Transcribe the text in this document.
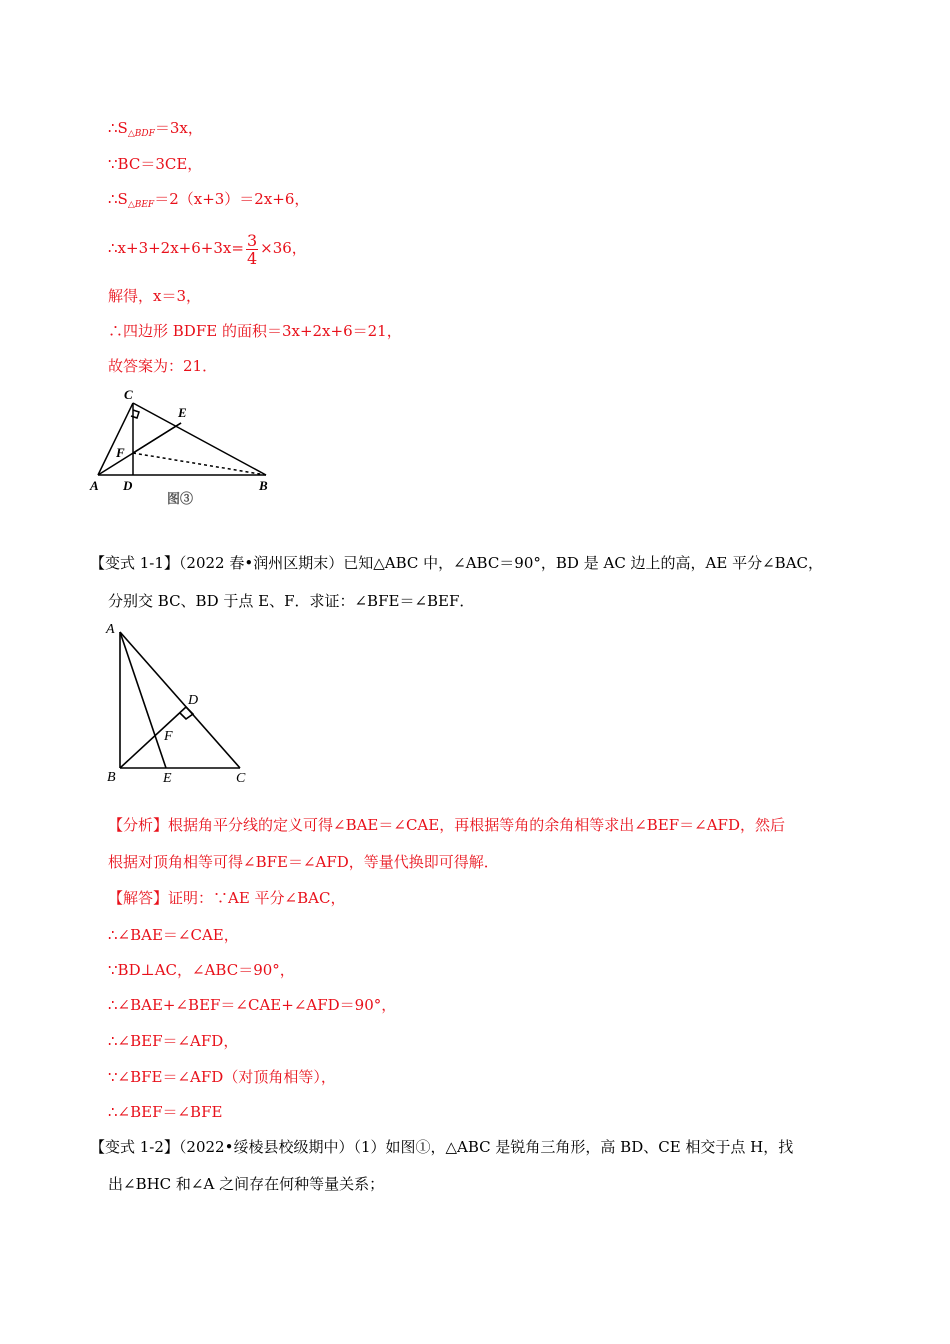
$\therefore S_{\triangle BDF}=3x$，
∵BC＝3CE，
$\therefore S_{\triangle BEF}=2(x+3)=2x+6$，
∴x+3+2x+6+3x= $\frac{3}{4} \times 36$，
解得，x＝3，
∴四边形 BDFE 的面积＝3x+2x+6＝21，
故答案为：21．
C
E
F
A D	B
图③
【变式 1-1】（2022 春•润州区期末）已知△ABC 中，∠ABC＝90°，BD 是 AC 边上的高，AE 平分∠BAC，
分别交 BC、BD 于点 E、F．求证：∠BFE＝∠BEF．
A
D
F
B	E	C
【分析】根据角平分线的定义可得∠BAE＝∠CAE，再根据等角的余角相等求出∠BEF＝∠AFD，然后
根据对顶角相等可得∠BFE＝∠AFD，等量代换即可得解．
【解答】证明：∵AE 平分∠BAC，
∴∠BAE＝∠CAE，
∵BD⊥AC，∠ABC＝90°，
∴∠BAE+∠BEF＝∠CAE+∠AFD＝90°，
∴∠BEF＝∠AFD，
∵∠BFE＝∠AFD（对顶角相等），
∴∠BEF＝∠BFE
【变式 1-2】（2022•绥棱县校级期中）（1）如图①，△ABC 是锐角三角形，高 BD、CE 相交于点 H，找
出∠BHC 和∠A 之间存在何种等量关系；
